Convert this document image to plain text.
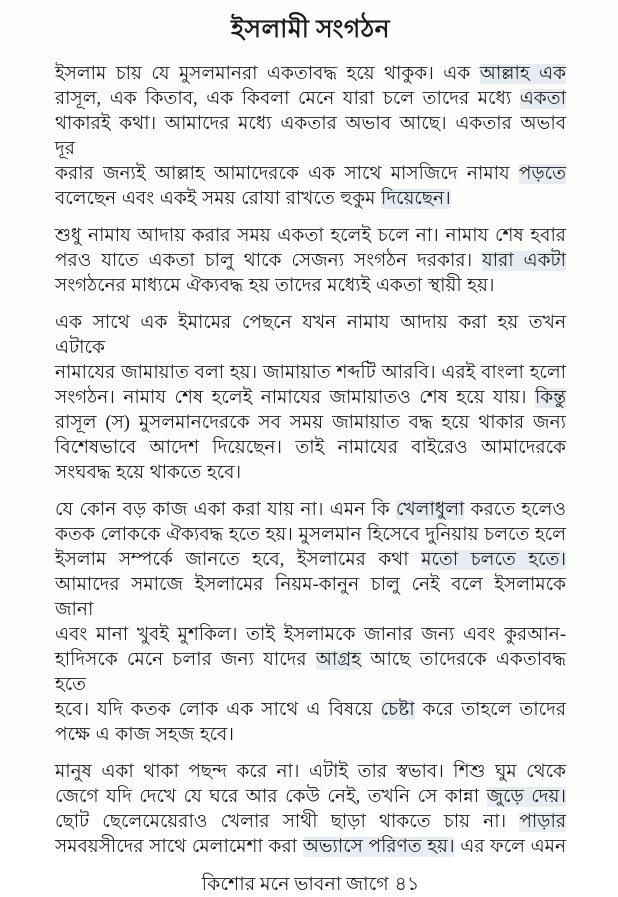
ইসলামী সংগঠন
ইসলাম চায় যে মুসলমানরা একতাবদ্ধ হয়ে থাকুক। এক আল্লাহ এক
রাসূল, এক কিতাব, এক কিবলা মেনে যারা চলে তাদের মধ্যে একতা
থাকারই কথা। আমাদের মধ্যে একতার অভাব আছে। একতার অভাব দূর
করার জন্যই আল্লাহ আমাদেরকে এক সাথে মাসজিদে নামায পড়তে
বলেছেন এবং একই সময় রোযা রাখতে হুকুম দিয়েছেন।
শুধু নামায আদায় করার সময় একতা হলেই চলে না। নামায শেষ হবার
পরও যাতে একতা চালু থাকে সেজন্য সংগঠন দরকার। যারা একটা
সংগঠনের মাধ্যমে ঐক্যবদ্ধ হয় তাদের মধ্যেই একতা স্থায়ী হয়।
এক সাথে এক ইমামের পেছনে যখন নামায আদায় করা হয় তখন এটাকে
নামাযের জামায়াত বলা হয়। জামায়াত শব্দটি আরবি। এরই বাংলা হলো
সংগঠন। নামায শেষ হলেই নামাযের জামায়াতও শেষ হয়ে যায়। কিন্তু
রাসূল (স) মুসলমানদেরকে সব সময় জামায়াত বদ্ধ হয়ে থাকার জন্য
বিশেষভাবে আদেশ দিয়েছেন। তাই নামাযের বাইরেও আমাদেরকে
সংঘবদ্ধ হয়ে থাকতে হবে।
যে কোন বড় কাজ একা করা যায় না। এমন কি খেলাধুলা করতে হলেও
কতক লোককে ঐক্যবদ্ধ হতে হয়। মুসলমান হিসেবে দুনিয়ায় চলতে হলে
ইসলাম সম্পর্কে জানতে হবে, ইসলামের কথা মতো চলতে হতে।
আমাদের সমাজে ইসলামের নিয়ম-কানুন চালু নেই বলে ইসলামকে জানা
এবং মানা খুবই মুশকিল। তাই ইসলামকে জানার জন্য এবং কুরআন-
হাদিসকে মেনে চলার জন্য যাদের আগ্রহ আছে তাদেরকে একতাবদ্ধ হতে
হবে। যদি কতক লোক এক সাথে এ বিষয়ে চেষ্টা করে তাহলে তাদের
পক্ষে এ কাজ সহজ হবে।
মানুষ একা থাকা পছন্দ করে না। এটাই তার স্বভাব। শিশু ঘুম থেকে
জেগে যদি দেখে যে ঘরে আর কেউ নেই, তখনি সে কান্না জুড়ে দেয়।
ছোট ছেলেমেয়েরাও খেলার সাথী ছাড়া থাকতে চায় না। পাড়ার
সমবয়সীদের সাথে মেলামেশা করা অভ্যাসে পরিণত হয়। এর ফলে এমন
কিশোর মনে ভাবনা জাগে ৪১
